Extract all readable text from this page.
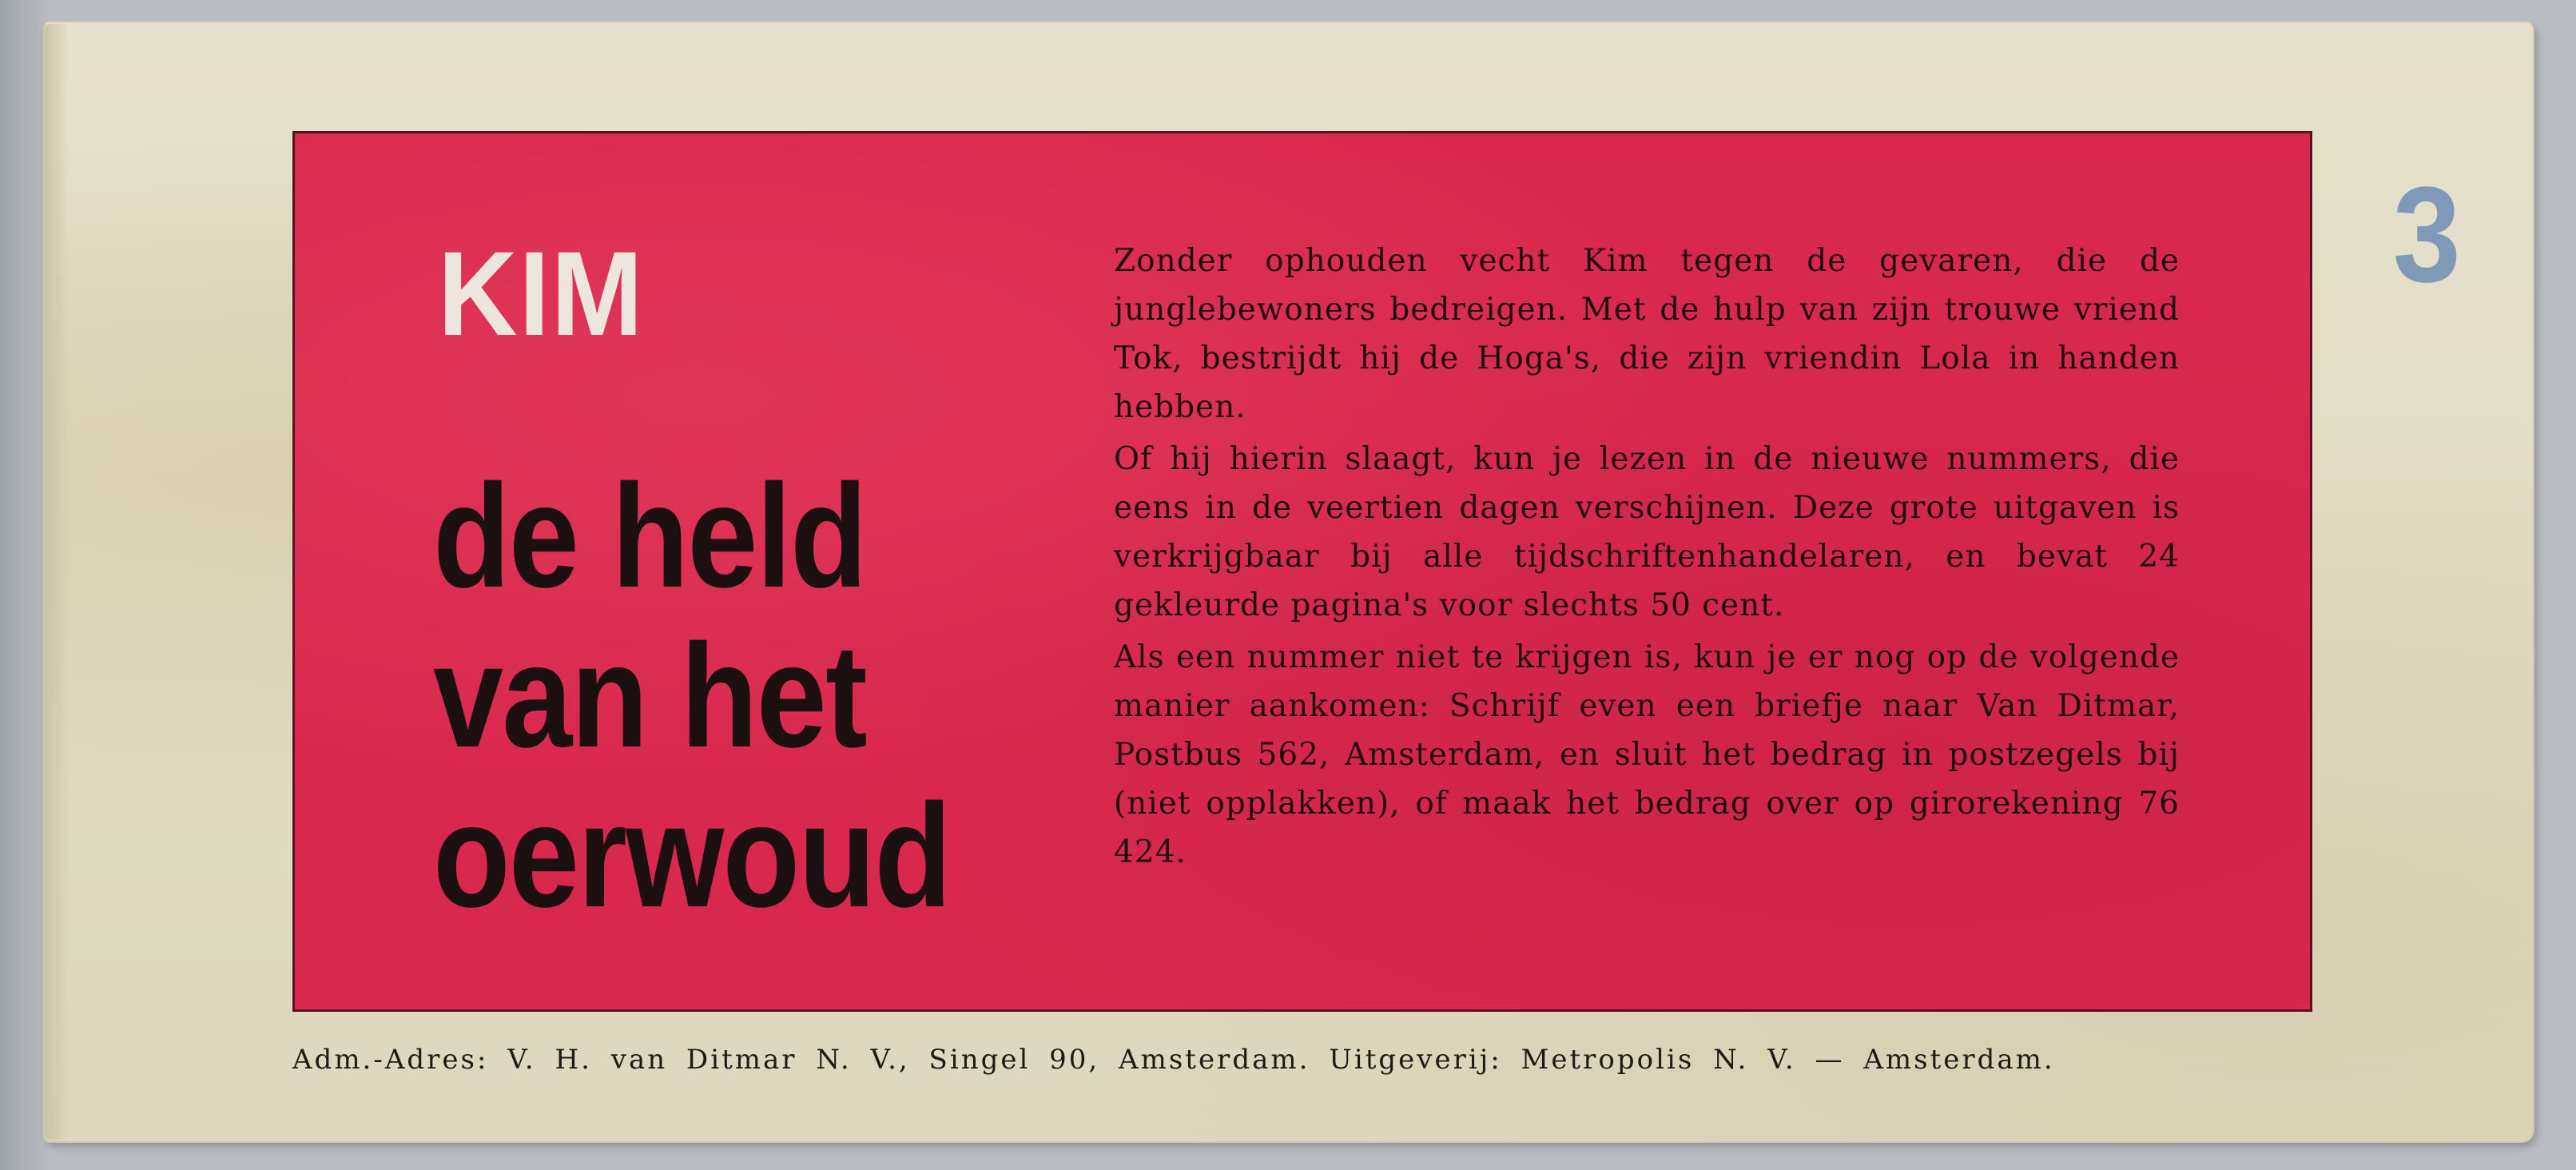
KIM
de held
van het
oerwoud

Zonder ophouden vecht Kim tegen de gevaren, die de junglebewoners bedreigen. Met de hulp van zijn trouwe vriend Tok, bestrijdt hij de Hoga's, die zijn vriendin Lola in handen hebben.

Of hij hierin slaagt, kun je lezen in de nieuwe nummers, die eens in de veertien dagen verschijnen. Deze grote uitgaven is verkrijgbaar bij alle tijdschriftenhandelaren, en bevat 24 gekleurde pagina's voor slechts 50 cent.

Als een nummer niet te krijgen is, kun je er nog op de volgende manier aankomen: Schrijf even een briefje naar Van Ditmar, Postbus 562, Amsterdam, en sluit het bedrag in postzegels bij (niet opplakken), of maak het bedrag over op girorekening 76 424.

3
Adm.-Adres: V. H. van Ditmar N. V., Singel 90, Amsterdam. Uitgeverij: Metropolis N. V. — Amsterdam.
